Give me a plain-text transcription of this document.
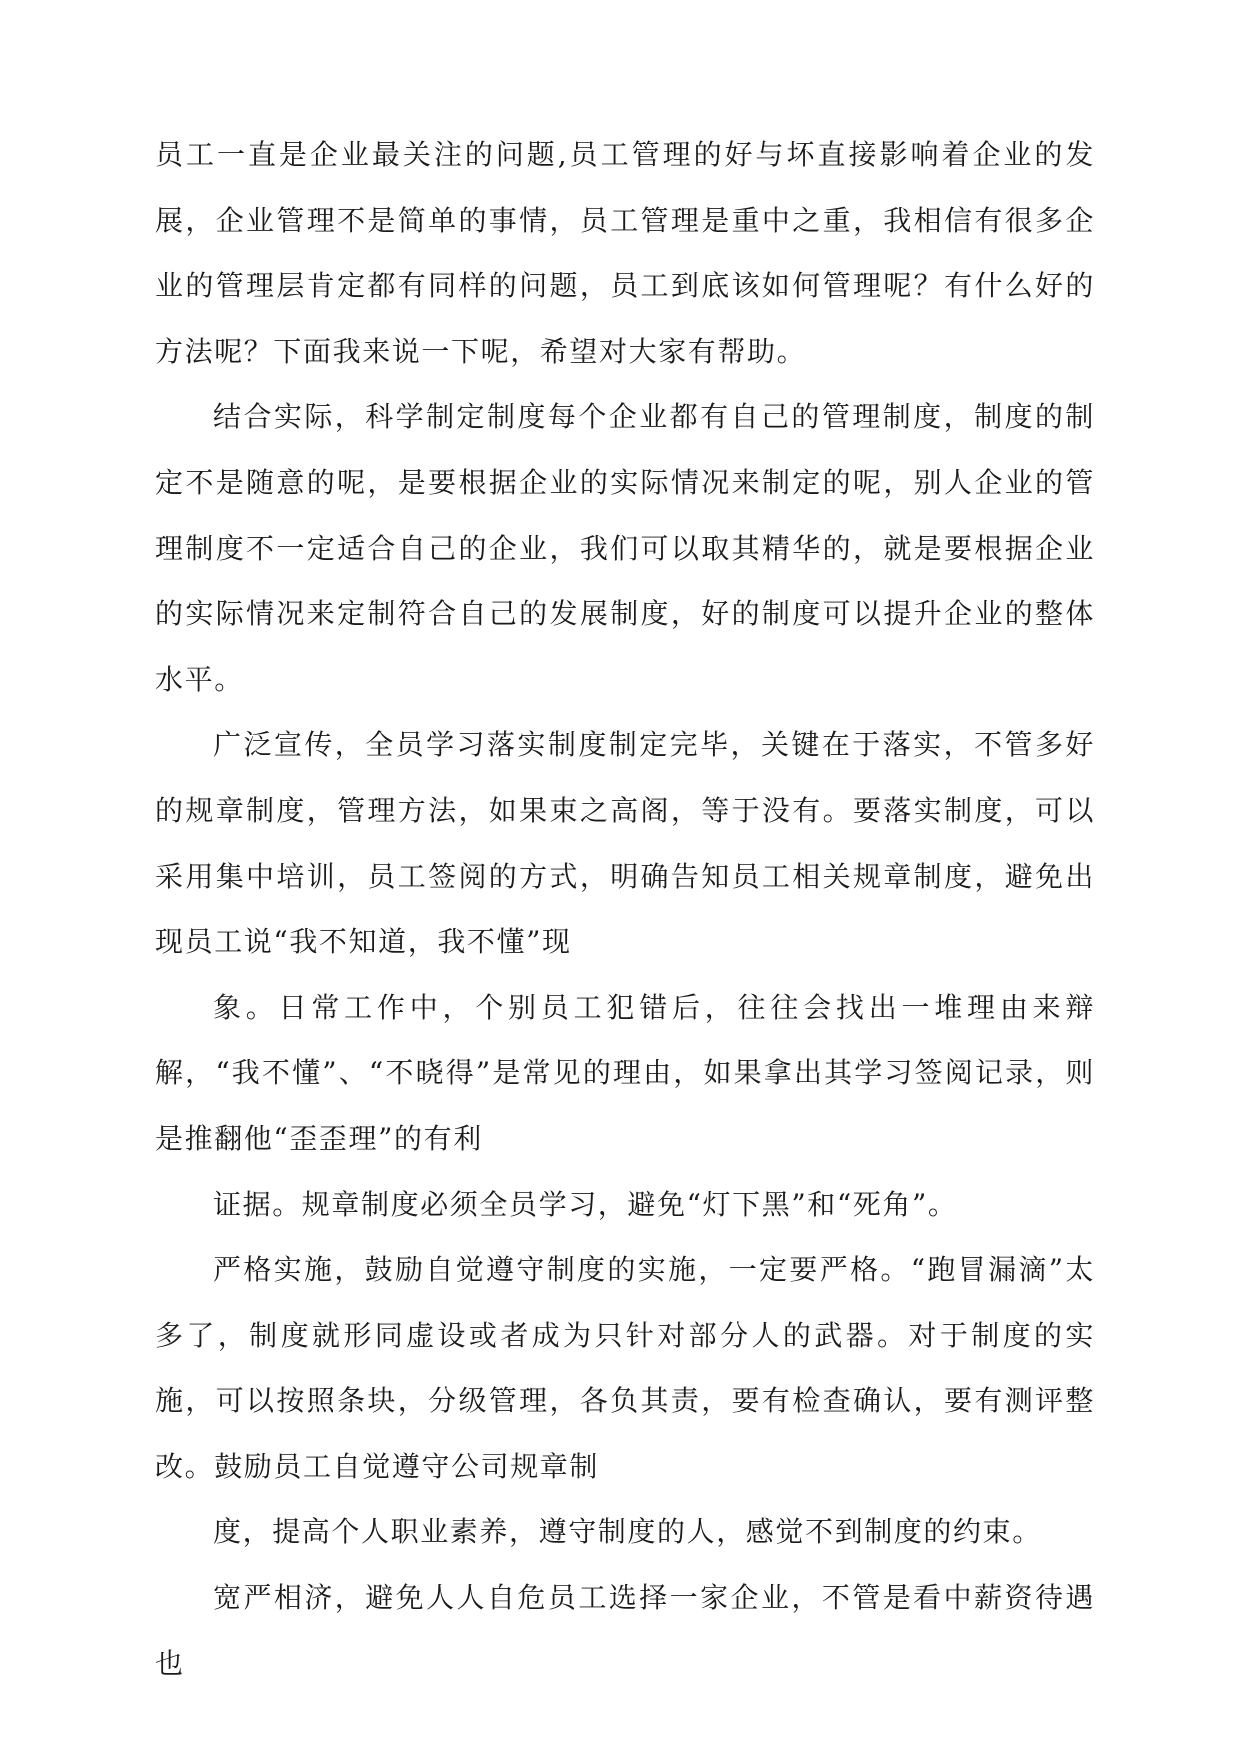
员工一直是企业最关注的问题,员工管理的好与坏直接影响着企业的发展，企业管理不是简单的事情，员工管理是重中之重，我相信有很多企业的管理层肯定都有同样的问题，员工到底该如何管理呢？有什么好的方法呢？下面我来说一下呢，希望对大家有帮助。

结合实际，科学制定制度每个企业都有自己的管理制度，制度的制定不是随意的呢，是要根据企业的实际情况来制定的呢，别人企业的管理制度不一定适合自己的企业，我们可以取其精华的，就是要根据企业的实际情况来定制符合自己的发展制度，好的制度可以提升企业的整体水平。

广泛宣传，全员学习落实制度制定完毕，关键在于落实，不管多好的规章制度，管理方法，如果束之高阁，等于没有。要落实制度，可以采用集中培训，员工签阅的方式，明确告知员工相关规章制度，避免出现员工说“我不知道，我不懂”现

象。日常工作中，个别员工犯错后，往往会找出一堆理由来辩解，“我不懂”、“不晓得”是常见的理由，如果拿出其学习签阅记录，则是推翻他“歪歪理”的有利

证据。规章制度必须全员学习，避免“灯下黑”和“死角”。

严格实施，鼓励自觉遵守制度的实施，一定要严格。“跑冒漏滴”太多了，制度就形同虚设或者成为只针对部分人的武器。对于制度的实施，可以按照条块，分级管理，各负其责，要有检查确认，要有测评整改。鼓励员工自觉遵守公司规章制

度，提高个人职业素养，遵守制度的人，感觉不到制度的约束。

宽严相济，避免人人自危员工选择一家企业，不管是看中薪资待遇也
